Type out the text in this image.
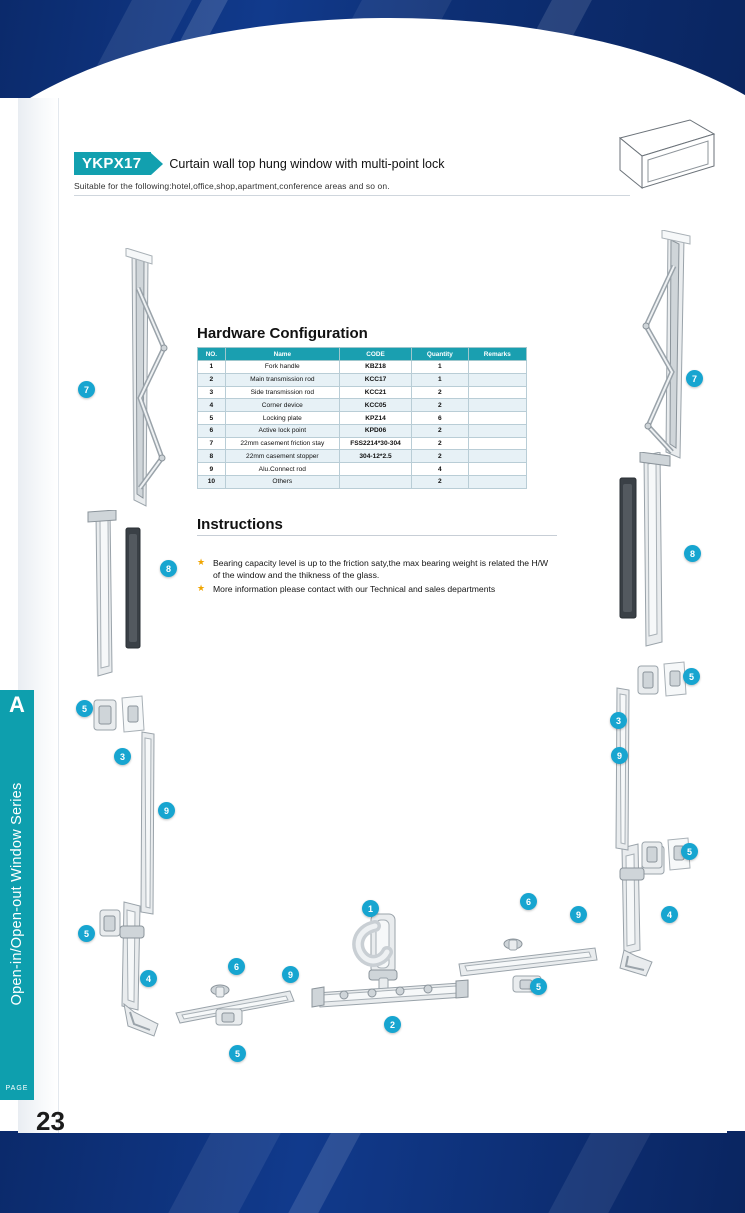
A
Open-in/Open-out Window Series
PAGE
23
YKPX17	Curtain wall top hung window with multi-point lock
Suitable for the following:hotel,office,shop,apartment,conference areas and so on.
Hardware Configuration
NO.	Name	CODE	Quantity	Remarks
1	Fork handle	KBZ18	1	
2	Main transmission rod	KCC17	1	
3	Side transmission rod	KCC21	2	
4	Corner device	KCC05	2	
5	Locking plate	KPZ14	6	
6	Active lock point	KPD06	2	
7	22mm casement friction stay	FSS2214*30-304	2	
8	22mm casement stopper	304-12*2.5	2	
9	Alu.Connect rod		4	
10	Others		2	
Instructions
★ Bearing capacity level is up to the friction saty,the max bearing weight is related the H/W of the window and the thikness of the glass.
★ More information please contact with our Technical and sales departments
7
8
5
3
9
5
4
6
9
5
1
2
6
9
5
4
5
7
8
5
3
9
